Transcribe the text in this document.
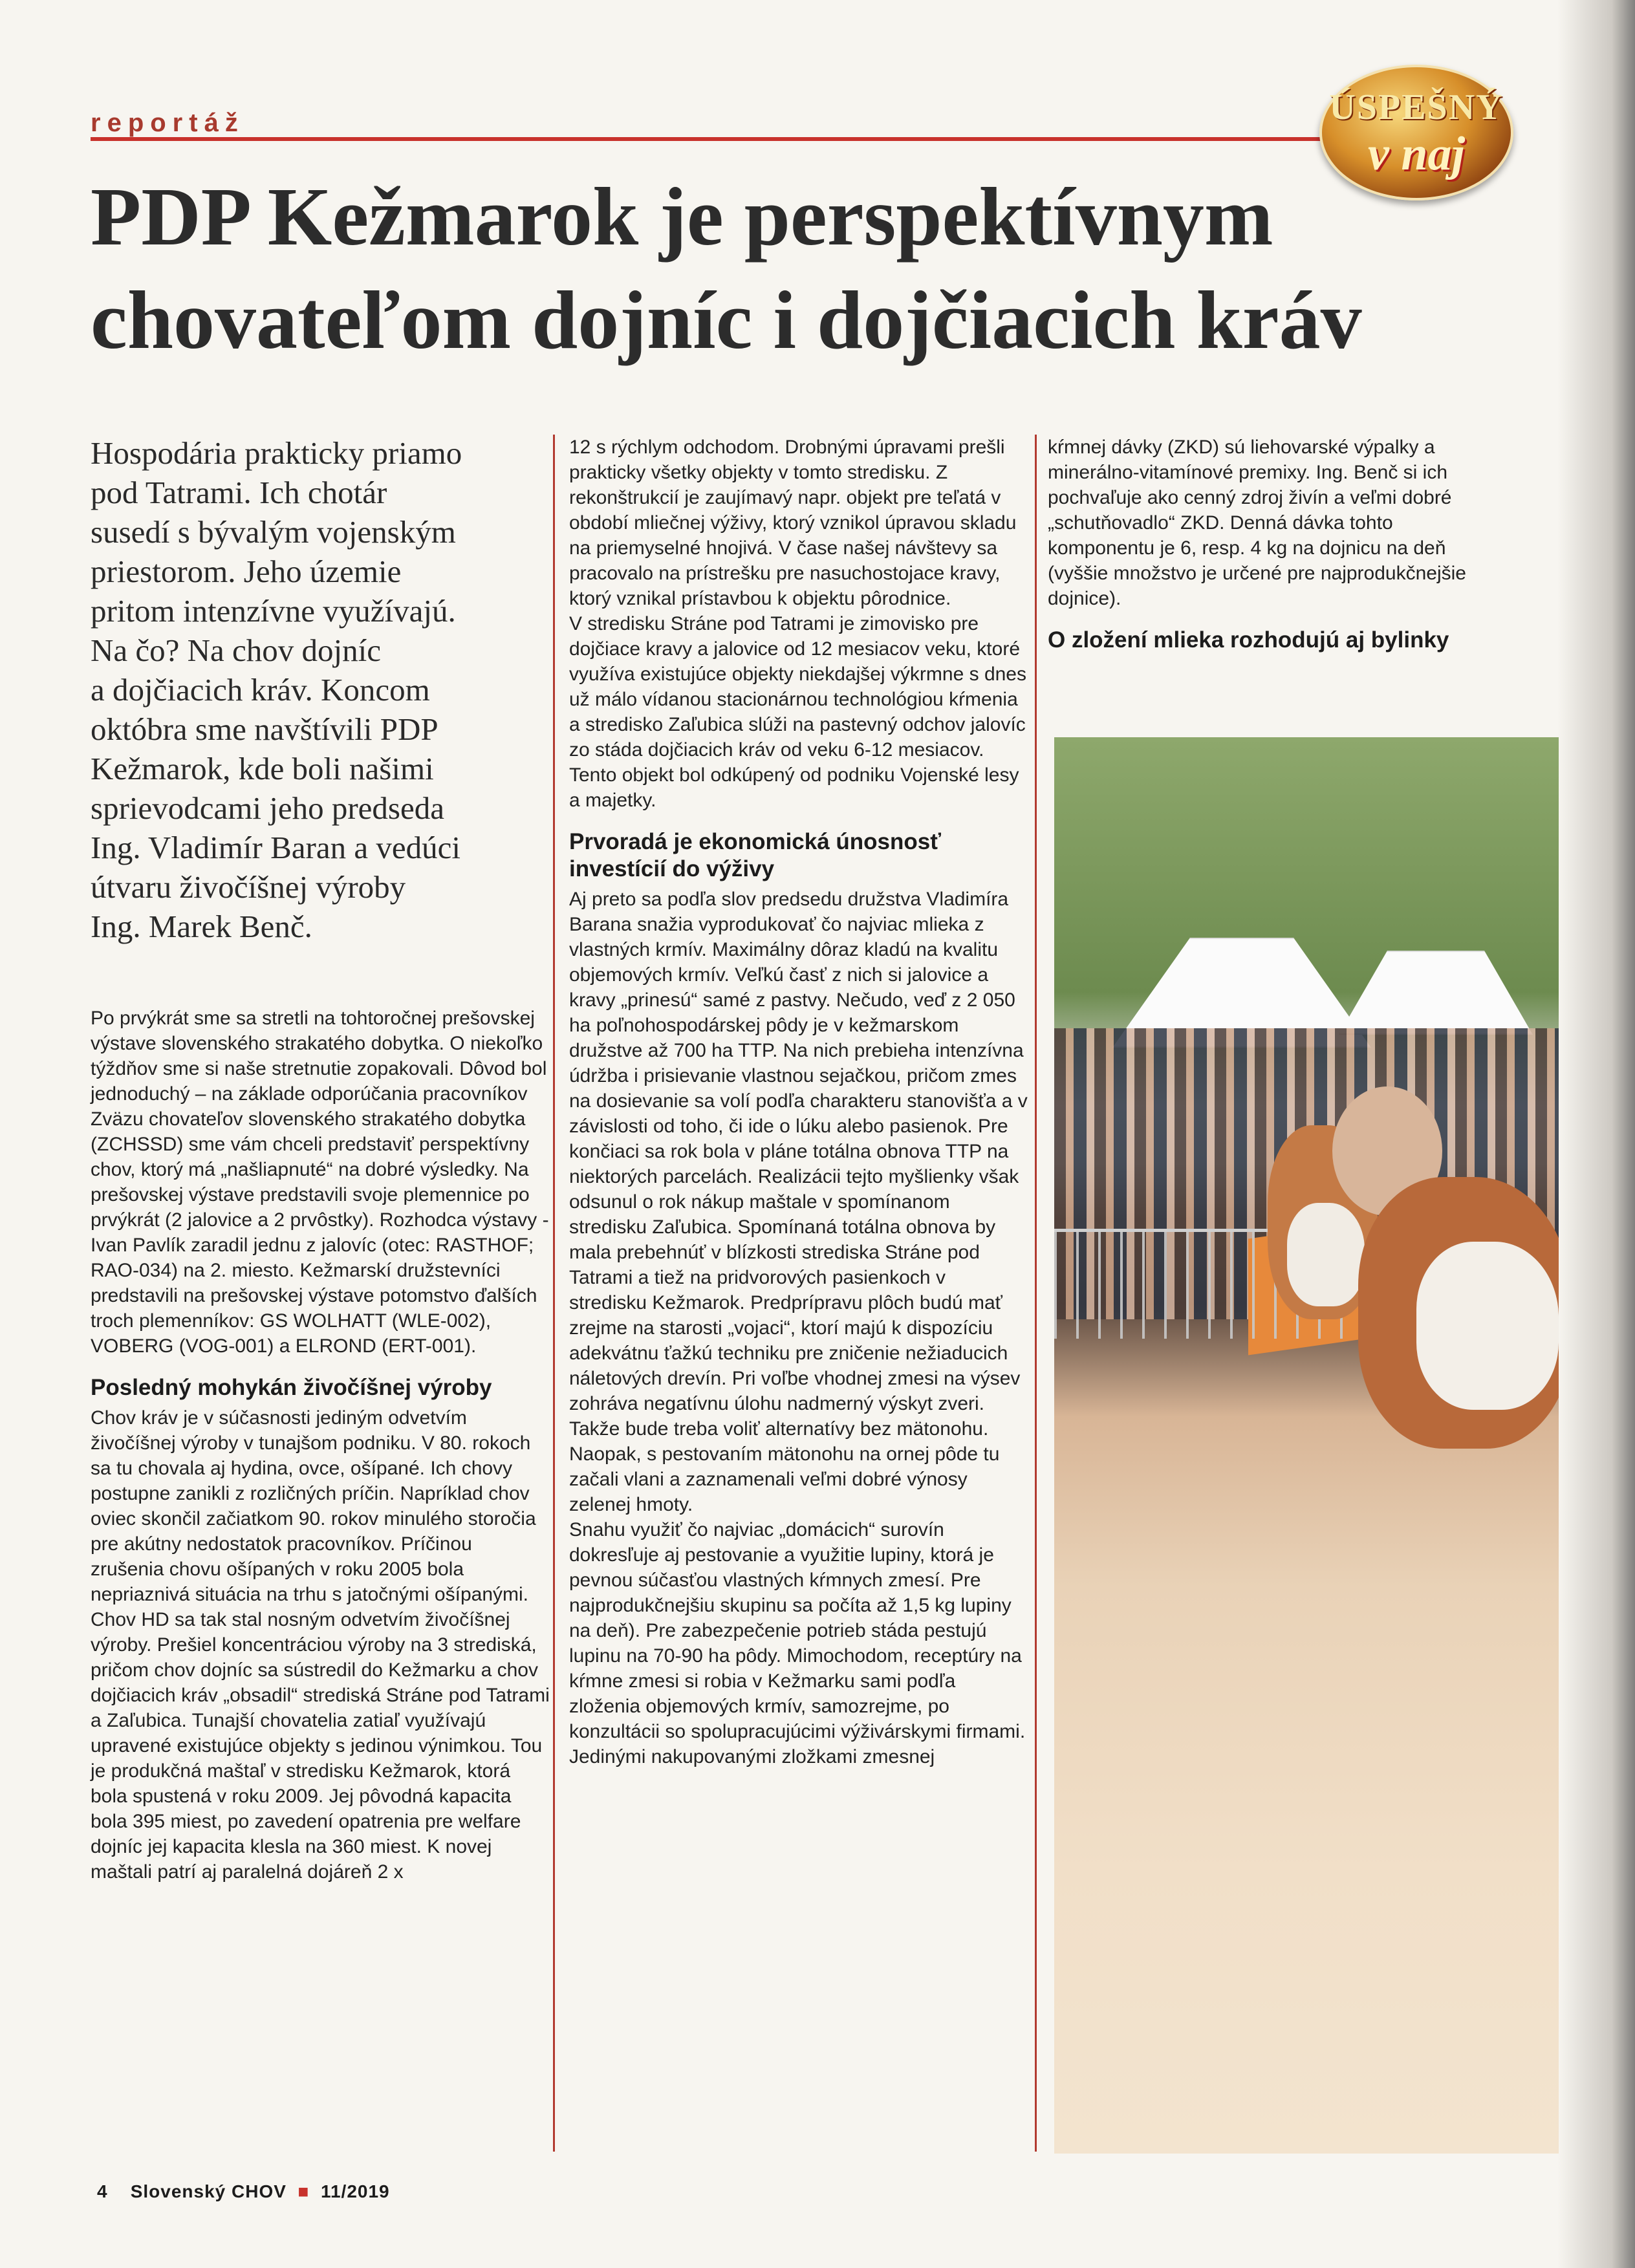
reportáž	ÚSPEŠNÝ
v naj
PDP Kežmarok je perspektívnym
chovateľom dojníc i dojčiacich kráv
Hospodária prakticky priamo
pod Tatrami. Ich chotár
susedí s bývalým vojenským
priestorom. Jeho územie
pritom intenzívne využívajú.
Na čo? Na chov dojníc
a dojčiacich kráv. Koncom
októbra sme navštívili PDP
Kežmarok, kde boli našimi
sprievodcami jeho predseda
Ing. Vladimír Baran a vedúci
útvaru živočíšnej výroby
Ing. Marek Benč.
Po prvýkrát sme sa stretli na tohtoročnej prešovskej výstave slovenského strakatého dobytka. O niekoľko týždňov sme si naše stretnutie zopakovali. Dôvod bol jednoduchý – na základe odporúčania pracovníkov Zväzu chovateľov slovenského strakatého dobytka (ZCHSSD) sme vám chceli predstaviť perspektívny chov, ktorý má „našliapnuté“ na dobré výsledky. Na prešovskej výstave predstavili svoje plemennice po prvýkrát (2 jalovice a 2 prvôstky). Rozhodca výstavy - Ivan Pavlík zaradil jednu z jalovíc (otec: RASTHOF; RAO-034) na 2. miesto. Kežmarskí družstevníci predstavili na prešovskej výstave potomstvo ďalších troch plemenníkov: GS WOLHATT (WLE-002), VOBERG (VOG-001) a ELROND (ERT-001).
Posledný mohykán živočíšnej výroby
Chov kráv je v súčasnosti jediným odvetvím živočíšnej výroby v tunajšom podniku. V 80. rokoch sa tu chovala aj hydina, ovce, ošípané. Ich chovy postupne zanikli z rozličných príčin. Napríklad chov oviec skončil začiatkom 90. rokov minulého storočia pre akútny nedostatok pracovníkov. Príčinou zrušenia chovu ošípaných v roku 2005 bola nepriaznivá situácia na trhu s jatočnými ošípanými.
Chov HD sa tak stal nosným odvetvím živočíšnej výroby. Prešiel koncentráciou výroby na 3 strediská, pričom chov dojníc sa sústredil do Kežmarku a chov dojčiacich kráv „obsadil“ strediská Stráne pod Tatrami a Zaľubica. Tunajší chovatelia zatiaľ využívajú upravené existujúce objekty s jedinou výnimkou. Tou je produkčná maštaľ v stredisku Kežmarok, ktorá bola spustená v roku 2009. Jej pôvodná kapacita bola 395 miest, po zavedení opatrenia pre welfare dojníc jej kapacita klesla na 360 miest. K novej maštali patrí aj paralelná dojáreň 2 x
12 s rýchlym odchodom. Drobnými úpravami prešli prakticky všetky objekty v tomto stredisku. Z rekonštrukcií je zaujímavý napr. objekt pre teľatá v období mliečnej výživy, ktorý vznikol úpravou skladu na priemyselné hnojivá. V čase našej návštevy sa pracovalo na prístrešku pre nasuchostojace kravy, ktorý vznikal prístavbou k objektu pôrodnice.
V stredisku Stráne pod Tatrami je zimovisko pre dojčiace kravy a jalovice od 12 mesiacov veku, ktoré využíva existujúce objekty niekdajšej výkrmne s dnes už málo vídanou stacionárnou technológiou kŕmenia a stredisko Zaľubica slúži na pastevný odchov jalovíc zo stáda dojčiacich kráv od veku 6-12 mesiacov. Tento objekt bol odkúpený od podniku Vojenské lesy a majetky.
Prvoradá je ekonomická únosnosť investícií do výživy
Aj preto sa podľa slov predsedu družstva Vladimíra Barana snažia vyprodukovať čo najviac mlieka z vlastných krmív. Maximálny dôraz kladú na kvalitu objemových krmív. Veľkú časť z nich si jalovice a kravy „prinesú“ samé z pastvy. Nečudo, veď z 2 050 ha poľnohospodárskej pôdy je v kežmarskom družstve až 700 ha TTP. Na nich prebieha intenzívna údržba i prisievanie vlastnou sejačkou, pričom zmes na dosievanie sa volí podľa charakteru stanovišťa a v závislosti od toho, či ide o lúku alebo pasienok. Pre končiaci sa rok bola v pláne totálna obnova TTP na niektorých parcelách. Realizácii tejto myšlienky však odsunul o rok nákup maštale v spomínanom stredisku Zaľubica. Spomínaná totálna obnova by mala prebehnúť v blízkosti strediska Stráne pod Tatrami a tiež na pridvorových pasienkoch v stredisku Kežmarok. Predprípravu plôch budú mať zrejme na starosti „vojaci“, ktorí majú k dispozíciu adekvátnu ťažkú techniku pre zničenie nežiaducich náletových drevín. Pri voľbe vhodnej zmesi na výsev zohráva negatívnu úlohu nadmerný výskyt zveri. Takže bude treba voliť alternatívy bez mätonohu. Naopak, s pestovaním mätonohu na ornej pôde tu začali vlani a zaznamenali veľmi dobré výnosy zelenej hmoty.
Snahu využiť čo najviac „domácich“ surovín dokresľuje aj pestovanie a využitie lupiny, ktorá je pevnou súčasťou vlastných kŕmnych zmesí. Pre najprodukčnejšiu skupinu sa počíta až 1,5 kg lupiny na deň). Pre zabezpečenie potrieb stáda pestujú lupinu na 70-90 ha pôdy. Mimochodom, receptúry na kŕmne zmesi si robia v Kežmarku sami podľa zloženia objemových krmív, samozrejme, po konzultácii so spolupracujúcimi výživárskymi firmami.
Jedinými nakupovanými zložkami zmesnej
kŕmnej dávky (ZKD) sú liehovarské výpalky a minerálno-vitamínové premixy. Ing. Benč si ich pochvaľuje ako cenný zdroj živín a veľmi dobré „schutňovadlo“ ZKD. Denná dávka tohto komponentu je 6, resp. 4 kg na dojnicu na deň (vyššie množstvo je určené pre najprodukčnejšie dojnice).
O zložení mlieka rozhodujú aj bylinky
4 Slovenský CHOV  ■  11/2019
